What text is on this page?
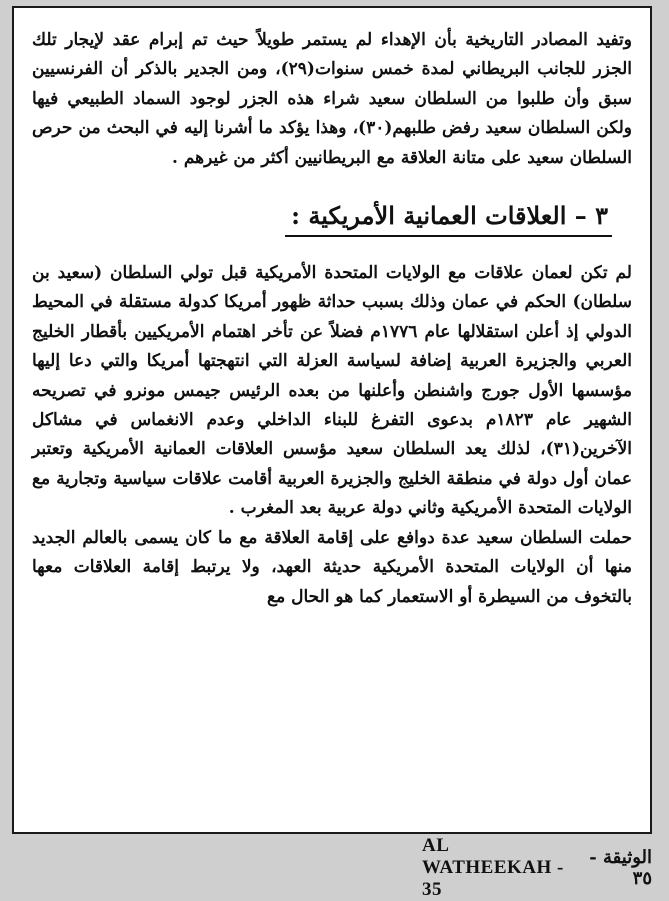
وتفيد المصادر التاريخية بأن الإهداء لم يستمر طويلاً حيث تم إبرام عقد لإيجار تلك الجزر للجانب البريطاني لمدة خمس سنوات(٢٩)، ومن الجدير بالذكر أن الفرنسيين سبق وأن طلبوا من السلطان سعيد شراء هذه الجزر لوجود السماد الطبيعي فيها ولكن السلطان سعيد رفض طلبهم(٣٠)، وهذا يؤكد ما أشرنا إليه في البحث من حرص السلطان سعيد على متانة العلاقة مع البريطانيين أكثر من غيرهم .

٣ – العلاقات العمانية الأمريكية :

لم تكن لعمان علاقات مع الولايات المتحدة الأمريكية قبل تولي السلطان (سعيد بن سلطان) الحكم في عمان وذلك بسبب حداثة ظهور أمريكا كدولة مستقلة في المحيط الدولي إذ أعلن استقلالها عام ١٧٧٦م فضلاً عن تأخر اهتمام الأمريكيين بأقطار الخليج العربي والجزيرة العربية إضافة لسياسة العزلة التي انتهجتها أمريكا والتي دعا إليها مؤسسها الأول جورج واشنطن وأعلنها من بعده الرئيس جيمس مونرو في تصريحه الشهير عام ١٨٢٣م بدعوى التفرغ للبناء الداخلي وعدم الانغماس في مشاكل الآخرين(٣١)، لذلك يعد السلطان سعيد مؤسس العلاقات العمانية الأمريكية وتعتبر عمان أول دولة في منطقة الخليج والجزيرة العربية أقامت علاقات سياسية وتجارية مع الولايات المتحدة الأمريكية وثاني دولة عربية بعد المغرب .

حملت السلطان سعيد عدة دوافع على إقامة العلاقة مع ما كان يسمى بالعالم الجديد منها أن الولايات المتحدة الأمريكية حديثة العهد، ولا يرتبط إقامة العلاقات معها بالتخوف من السيطرة أو الاستعمار كما هو الحال مع

AL WATHEEKAH - 35
الوثيقة - ٣٥
